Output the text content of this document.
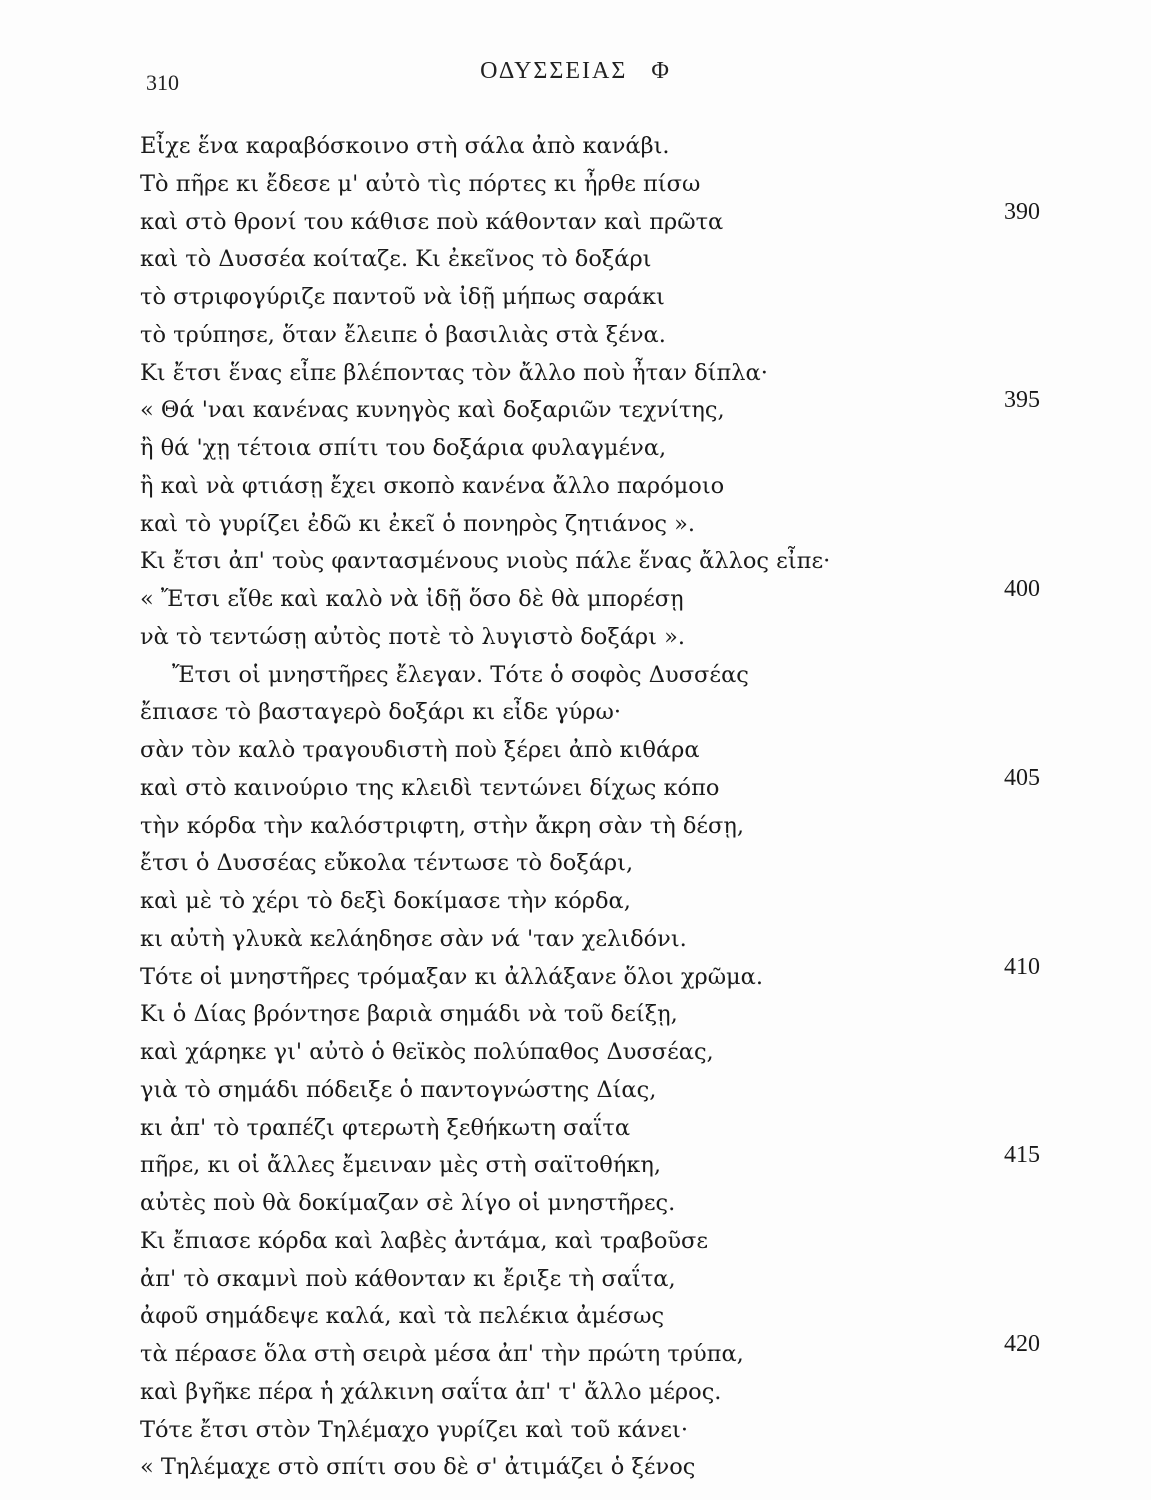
310	ΟΔΥΣΣΕΙΑΣ Φ
Εἶχε ἕνα καραβόσκοινο στὴ σάλα ἀπὸ κανάβι.
Τὸ πῆρε κι ἔδεσε μ' αὐτὸ τὶς πόρτες κι ἦρθε πίσω
καὶ στὸ θρονί του κάθισε ποὺ κάθονταν καὶ πρῶτα	390
καὶ τὸ Δυσσέα κοίταζε. Κι ἐκεῖνος τὸ δοξάρι
τὸ στριφογύριζε παντοῦ νὰ ἰδῇ μήπως σαράκι
τὸ τρύπησε, ὅταν ἔλειπε ὁ βασιλιὰς στὰ ξένα.
Κι ἔτσι ἕνας εἶπε βλέποντας τὸν ἄλλο ποὺ ἦταν δίπλα·
« Θά 'ναι κανένας κυνηγὸς καὶ δοξαριῶν τεχνίτης,	395
ἢ θά 'χῃ τέτοια σπίτι του δοξάρια φυλαγμένα,
ἢ καὶ νὰ φτιάσῃ ἔχει σκοπὸ κανένα ἄλλο παρόμοιο
καὶ τὸ γυρίζει ἐδῶ κι ἐκεῖ ὁ πονηρὸς ζητιάνος ».
Κι ἔτσι ἀπ' τοὺς φαντασμένους νιοὺς πάλε ἕνας ἄλλος εἶπε·
« Ἔτσι εἴθε καὶ καλὸ νὰ ἰδῇ ὅσο δὲ θὰ μπορέσῃ	400
νὰ τὸ τεντώσῃ αὐτὸς ποτὲ τὸ λυγιστὸ δοξάρι ».
Ἔτσι οἱ μνηστῆρες ἔλεγαν. Τότε ὁ σοφὸς Δυσσέας
ἔπιασε τὸ βασταγερὸ δοξάρι κι εἶδε γύρω·
σὰν τὸν καλὸ τραγουδιστὴ ποὺ ξέρει ἀπὸ κιθάρα
καὶ στὸ καινούριο της κλειδὶ τεντώνει δίχως κόπο	405
τὴν κόρδα τὴν καλόστριφτη, στὴν ἄκρη σὰν τὴ δέσῃ,
ἔτσι ὁ Δυσσέας εὔκολα τέντωσε τὸ δοξάρι,
καὶ μὲ τὸ χέρι τὸ δεξὶ δοκίμασε τὴν κόρδα,
κι αὐτὴ γλυκὰ κελάηδησε σὰν νά 'ταν χελιδόνι.
Τότε οἱ μνηστῆρες τρόμαξαν κι ἀλλάξανε ὅλοι χρῶμα.	410
Κι ὁ Δίας βρόντησε βαριὰ σημάδι νὰ τοῦ δείξῃ,
καὶ χάρηκε γι' αὐτὸ ὁ θεϊκὸς πολύπαθος Δυσσέας,
γιὰ τὸ σημάδι πόδειξε ὁ παντογνώστης Δίας,
κι ἀπ' τὸ τραπέζι φτερωτὴ ξεθήκωτη σαΐτα
πῆρε, κι οἱ ἄλλες ἔμειναν μὲς στὴ σαϊτοθήκη,	415
αὐτὲς ποὺ θὰ δοκίμαζαν σὲ λίγο οἱ μνηστῆρες.
Κι ἔπιασε κόρδα καὶ λαβὲς ἀντάμα, καὶ τραβοῦσε
ἀπ' τὸ σκαμνὶ ποὺ κάθονταν κι ἔριξε τὴ σαΐτα,
ἀφοῦ σημάδεψε καλά, καὶ τὰ πελέκια ἀμέσως
τὰ πέρασε ὅλα στὴ σειρὰ μέσα ἀπ' τὴν πρώτη τρύπα,	420
καὶ βγῆκε πέρα ἡ χάλκινη σαΐτα ἀπ' τ' ἄλλο μέρος.
Τότε ἔτσι στὸν Τηλέμαχο γυρίζει καὶ τοῦ κάνει·
« Τηλέμαχε στὸ σπίτι σου δὲ σ' ἀτιμάζει ὁ ξένος
